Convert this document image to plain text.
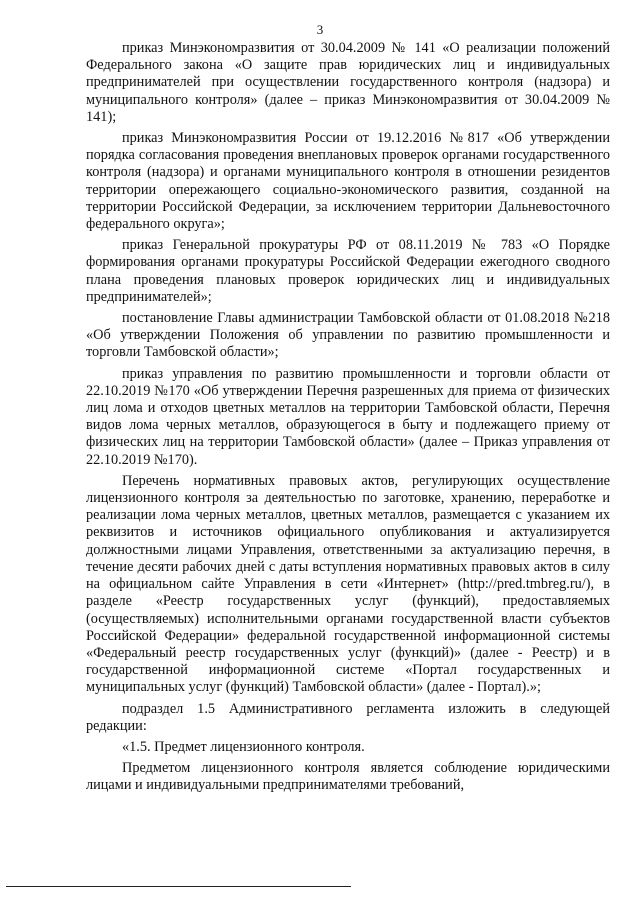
3

приказ Минэкономразвития от 30.04.2009 № 141 «О реализации положений Федерального закона «О защите прав юридических лиц и индивидуальных предпринимателей при осуществлении государственного контроля (надзора) и муниципального контроля» (далее – приказ Минэкономразвития от 30.04.2009 № 141);

приказ Минэкономразвития России от 19.12.2016 №817 «Об утверждении порядка согласования проведения внеплановых проверок органами государственного контроля (надзора) и органами муниципального контроля в отношении резидентов территории опережающего социально-экономического развития, созданной на территории Российской Федерации, за исключением территории Дальневосточного федерального округа»;

приказ Генеральной прокуратуры РФ от 08.11.2019 № 783 «О Порядке формирования органами прокуратуры Российской Федерации ежегодного сводного плана проведения плановых проверок юридических лиц и индивидуальных предпринимателей»;

постановление Главы администрации Тамбовской области от 01.08.2018 №218 «Об утверждении Положения об управлении по развитию промышленности и торговли Тамбовской области»;

приказ управления по развитию промышленности и торговли области от 22.10.2019 №170 «Об утверждении Перечня разрешенных для приема от физических лиц лома и отходов цветных металлов на территории Тамбовской области, Перечня видов лома черных металлов, образующегося в быту и подлежащего приему от физических лиц на территории Тамбовской области» (далее – Приказ управления от 22.10.2019 №170).

Перечень нормативных правовых актов, регулирующих осуществление лицензионного контроля за деятельностью по заготовке, хранению, переработке и реализации лома черных металлов, цветных металлов, размещается с указанием их реквизитов и источников официального опубликования и актуализируется должностными лицами Управления, ответственными за актуализацию перечня, в течение десяти рабочих дней с даты вступления нормативных правовых актов в силу на официальном сайте Управления в сети «Интернет» (http://pred.tmbreg.ru/), в разделе «Реестр государственных услуг (функций), предоставляемых (осуществляемых) исполнительными органами государственной власти субъектов Российской Федерации» федеральной государственной информационной системы «Федеральный реестр государственных услуг (функций)» (далее - Реестр) и в государственной информационной системе «Портал государственных и муниципальных услуг (функций) Тамбовской области» (далее - Портал).»;

подраздел 1.5 Административного регламента изложить в следующей редакции:

«1.5. Предмет лицензионного контроля.

Предметом лицензионного контроля является соблюдение юридическими лицами и индивидуальными предпринимателями требований,
